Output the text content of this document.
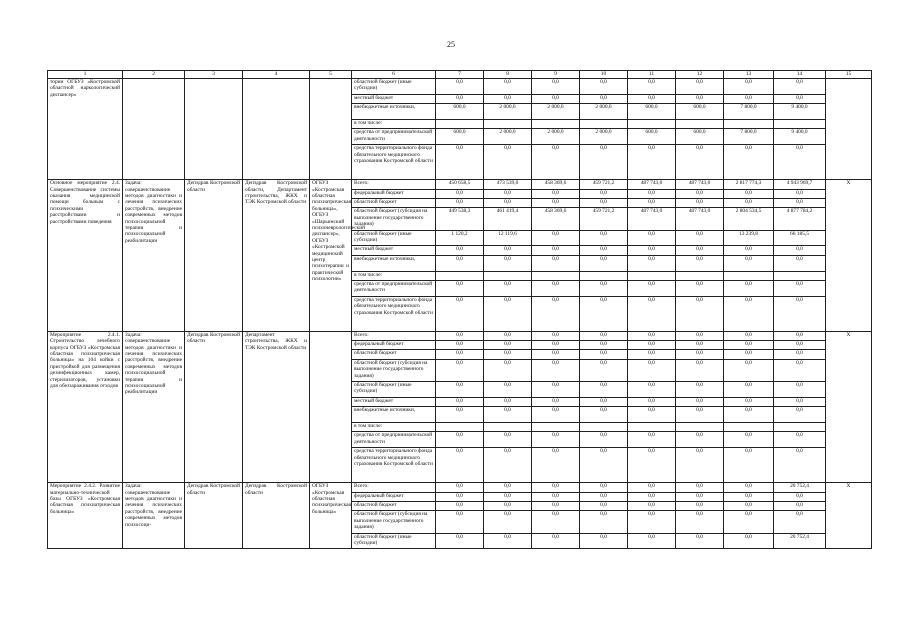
25
1	2	3	4	5	6	7	8	9	10	11	12	13	14	15
тории ОГБУЗ «Костромской областной наркологический диспансер»					областной бюджет (иные субсидии)	0,0	0,0	0,0	0,0	0,0	0,0	0,0	0,0	
					местный бюджет	0,0	0,0	0,0	0,0	0,0	0,0	0,0	0,0	
					внебюджетные источники,	600,0	2 000,0	2 000,0	2 000,0	600,0	600,0	7 800,0	9 400,0	
					в том числе:									
					средства от предпринимательской деятельности	600,0	2 000,0	2 000,0	2 000,0	600,0	600,0	7 800,0	9 400,0	
					средства территориального фонда обязательного медицинского страхования Костромской области	0,0	0,0	0,0	0,0	0,0	0,0	0,0	0,0	
Основное мероприятие 2.4. Совершенствование системы оказания медицинской помощи больным с психическими расстройствами и расстройствами поведения	Задача: совершенствование методов диагностики и лечения психических расстройств, внедрение современных методов психосоциальной терапии и психосоциальной реабилитации	Депздрав Костромской области	Депздрав Костромской области, Департамент строительства, ЖКХ и ТЭК Костромской области	ОГБУЗ «Костромская областная психиатрическая больница», ОГБУЗ «Шарьинский психоневрологический диспансер», ОГБУЗ «Костромской медицинский центр психотерапии и практической психологии»	Всего:	450 658,5	473 539,0	458 369,6	459 721,2	487 743,0	487 743,0	2 817 774,3	4 943 969,7	Х
					федеральный бюджет	0,0	0,0	0,0	0,0	0,0	0,0	0,0	0,0	
					областной бюджет	0,0	0,0	0,0	0,0	0,0	0,0	0,0	0,0	
					областной бюджет (субсидия на выполнение государственного задания)	449 538,3	461 419,4	458 369,6	459 721,2	487 743,0	487 743,0	2 804 534,5	4 877 784,2	
					областной бюджет (иные субсидии)	1 120,2	12 119,6	0,0	0,0	0,0	0,0	13 239,8	66 185,5	
					местный бюджет	0,0	0,0	0,0	0,0	0,0	0,0	0,0	0,0	
					внебюджетные источники,	0,0	0,0	0,0	0,0	0,0	0,0	0,0	0,0	
					в том числе:									
					средства от предпринимательской деятельности	0,0	0,0	0,0	0,0	0,0	0,0	0,0	0,0	
					средства территориального фонда обязательного медицинского страхования Костромской области	0,0	0,0	0,0	0,0	0,0	0,0	0,0	0,0	
Мероприятие 2.4.1. Строительство лечебного корпуса ОГБУЗ «Костромская областная психиатрическая больница» на 104 койки с пристройкой для размещения дезинфекционных камер, стерилизаторов, установки для обеззараживания отходов	Задача: совершенствование методов диагностики и лечения психических расстройств, внедрение современных методов психосоциальной терапии и психосоциальной реабилитации	Депздрав Костромской области	Департамент строительства, ЖКХ и ТЭК Костромской области		Всего:	0,0	0,0	0,0	0,0	0,0	0,0	0,0	0,0	Х
					федеральный бюджет	0,0	0,0	0,0	0,0	0,0	0,0	0,0	0,0	
					областной бюджет	0,0	0,0	0,0	0,0	0,0	0,0	0,0	0,0	
					областной бюджет (субсидия на выполнение государственного задания)	0,0	0,0	0,0	0,0	0,0	0,0	0,0	0,0	
					областной бюджет (иные субсидии)	0,0	0,0	0,0	0,0	0,0	0,0	0,0	0,0	
					местный бюджет	0,0	0,0	0,0	0,0	0,0	0,0	0,0	0,0	
					внебюджетные источники,	0,0	0,0	0,0	0,0	0,0	0,0	0,0	0,0	
					в том числе:									
					средства от предпринимательской деятельности	0,0	0,0	0,0	0,0	0,0	0,0	0,0	0,0	
					средства территориального фонда обязательного медицинского страхования Костромской области	0,0	0,0	0,0	0,0	0,0	0,0	0,0	0,0	
Мероприятие 2.4.2. Развитие материально-технической базы ОГБУЗ «Костромская областная психиатрическая больница»	Задача: совершенствование методов диагностики и лечения психических расстройств, внедрение современных методов психосоци-	Депздрав Костромской области	Депздрав Костромской области	ОГБУЗ «Костромская областная психиатрическая больница»	Всего:	0,0	0,0	0,0	0,0	0,0	0,0	0,0	20 752,4	Х
					федеральный бюджет	0,0	0,0	0,0	0,0	0,0	0,0	0,0	0,0	
					областной бюджет	0,0	0,0	0,0	0,0	0,0	0,0	0,0	0,0	
					областной бюджет (субсидия на выполнение государственного задания)	0,0	0,0	0,0	0,0	0,0	0,0	0,0	0,0	
					областной бюджет (иные субсидии)	0,0	0,0	0,0	0,0	0,0	0,0	0,0	20 752,4	
